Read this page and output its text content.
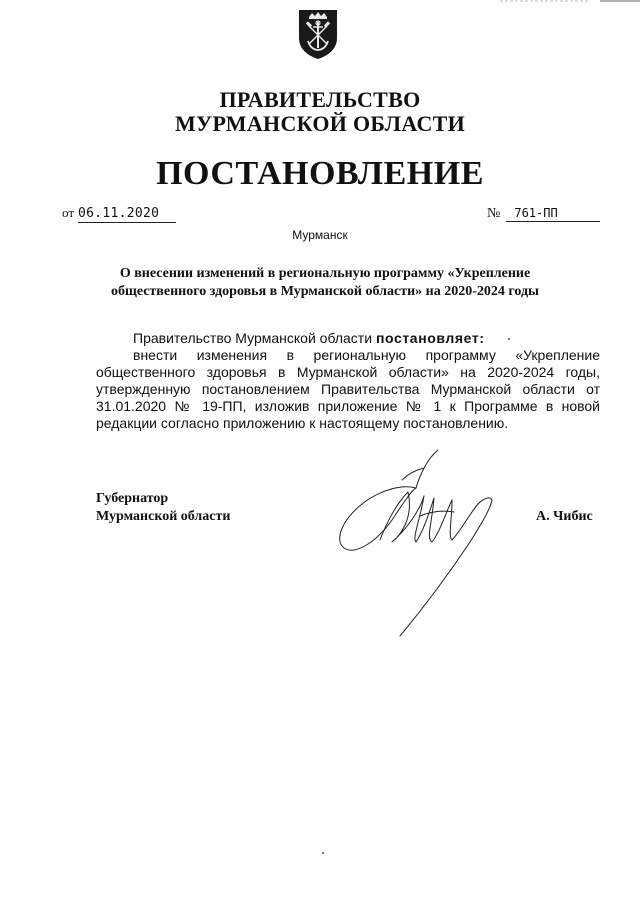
ПРАВИТЕЛЬСТВО
МУРМАНСКОЙ ОБЛАСТИ
ПОСТАНОВЛЕНИЕ
от 06.11.2020	№ 761-ПП
Мурманск
О внесении изменений в региональную программу «Укрепление
общественного здоровья в Мурманской области» на 2020-2024 годы
Правительство Мурманской области постановляет:
внести изменения в региональную программу «Укрепление общественного здоровья в Мурманской области» на 2020-2024 годы, утвержденную постановлением Правительства Мурманской области от 31.01.2020 № 19-ПП, изложив приложение № 1 к Программе в новой редакции согласно приложению к настоящему постановлению.
Губернатор
Мурманской области	А. Чибис
